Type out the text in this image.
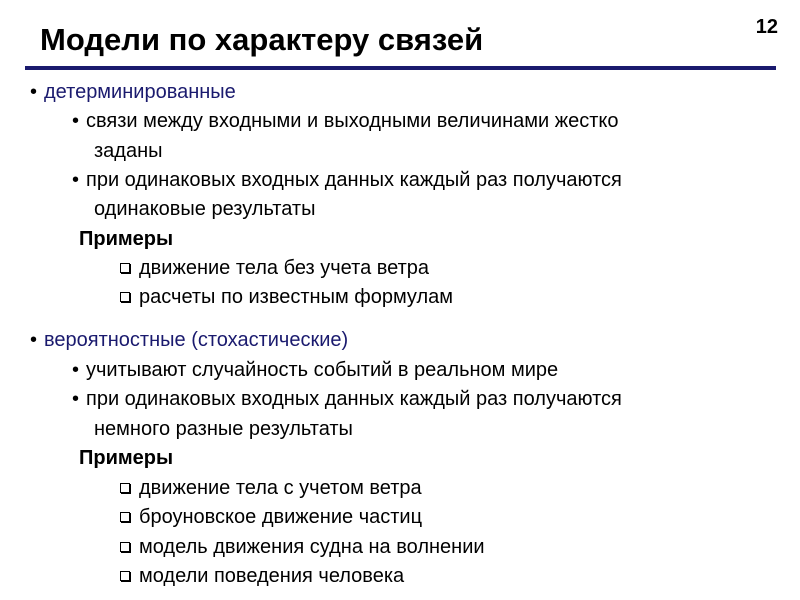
Модели по характеру связей	12
• детерминированные
• связи между входными и выходными величинами жестко
заданы
• при одинаковых входных данных каждый раз получаются
одинаковые результаты
Примеры
движение тела без учета ветра
расчеты по известным формулам
• вероятностные (стохастические)
• учитывают случайность событий в реальном мире
• при одинаковых входных данных каждый раз получаются
немного разные результаты
Примеры
движение тела с учетом ветра
броуновское движение частиц
модель движения судна на волнении
модели поведения человека
